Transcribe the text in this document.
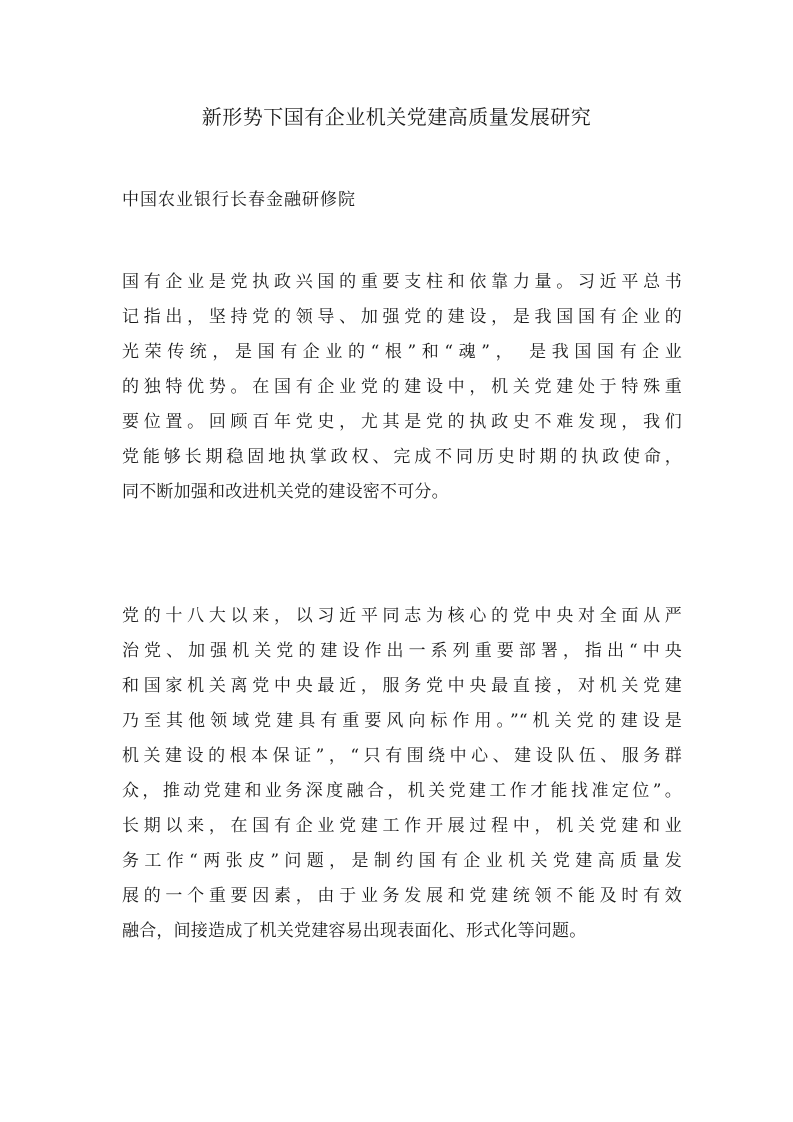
新形势下国有企业机关党建高质量发展研究

中国农业银行长春金融研修院

国有企业是党执政兴国的重要支柱和依靠力量。习近平总书
记指出，坚持党的领导、加强党的建设，是我国国有企业的
光荣传统，是国有企业的“根”和“魂”， 是我国国有企业
的独特优势。在国有企业党的建设中，机关党建处于特殊重
要位置。回顾百年党史，尤其是党的执政史不难发现，我们
党能够长期稳固地执掌政权、完成不同历史时期的执政使命，
同不断加强和改进机关党的建设密不可分。
党的十八大以来，以习近平同志为核心的党中央对全面从严
治党、加强机关党的建设作出一系列重要部署，指出“中央
和国家机关离党中央最近，服务党中央最直接，对机关党建
乃至其他领域党建具有重要风向标作用。”“机关党的建设是
机关建设的根本保证”，“只有围绕中心、建设队伍、服务群
众，推动党建和业务深度融合，机关党建工作才能找准定位”。
长期以来，在国有企业党建工作开展过程中，机关党建和业
务工作“两张皮”问题，是制约国有企业机关党建高质量发
展的一个重要因素，由于业务发展和党建统领不能及时有效
融合，间接造成了机关党建容易出现表面化、形式化等问题。
